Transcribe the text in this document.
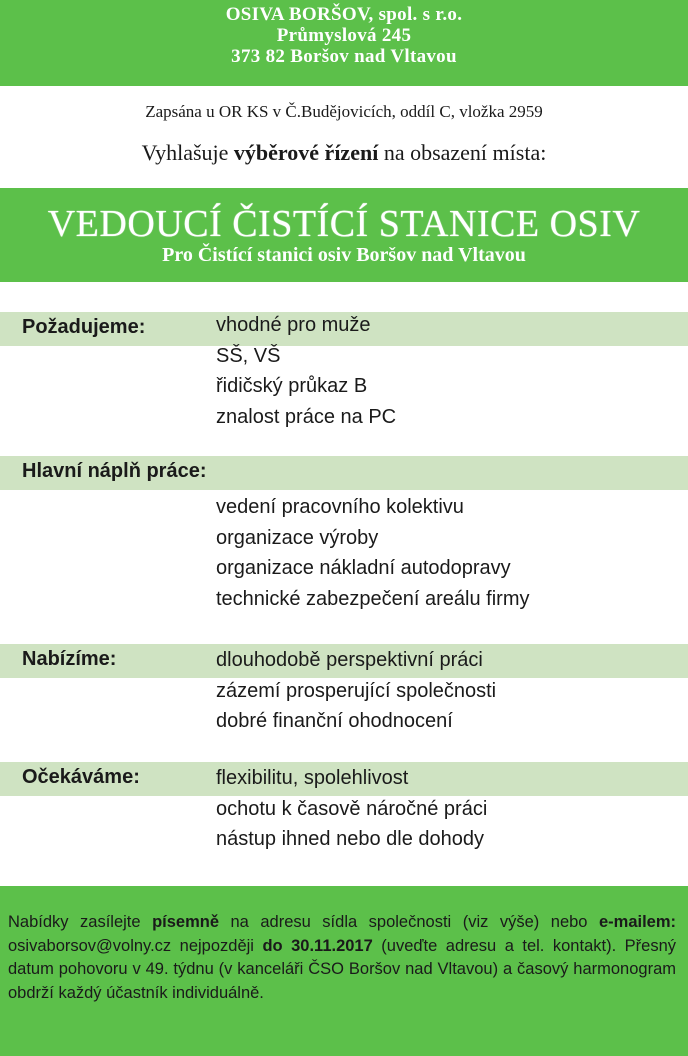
OSIVA BORŠOV, spol. s r.o.
Průmyslová 245
373 82 Boršov nad Vltavou
Zapsána u OR KS v Č.Budějovicích, oddíl C, vložka 2959
Vyhlašuje výběrové řízení na obsazení místa:
VEDOUCÍ ČISTÍCÍ STANICE OSIV
Pro Čistící stanici osiv Boršov nad Vltavou
Požadujeme:	vhodné pro muže
SŠ, VŠ
řidičský průkaz B
znalost práce na PC
Hlavní náplň práce:
vedení pracovního kolektivu
organizace výroby
organizace nákladní autodopravy
technické zabezpečení areálu firmy
Nabízíme:	dlouhodobě perspektivní práci
zázemí prosperující společnosti
dobré finanční ohodnocení
Očekáváme:	flexibilitu, spolehlivost
ochotu k časově náročné práci
nástup ihned nebo dle dohody
Nabídky zasílejte písemně na adresu sídla společnosti (viz výše) nebo e-mailem: osivaborsov@volny.cz nejpozději do 30.11.2017 (uveďte adresu a tel. kontakt). Přesný datum pohovoru v 49. týdnu (v kanceláři ČSO Boršov nad Vltavou) a časový harmonogram obdrží každý účastník individuálně.
